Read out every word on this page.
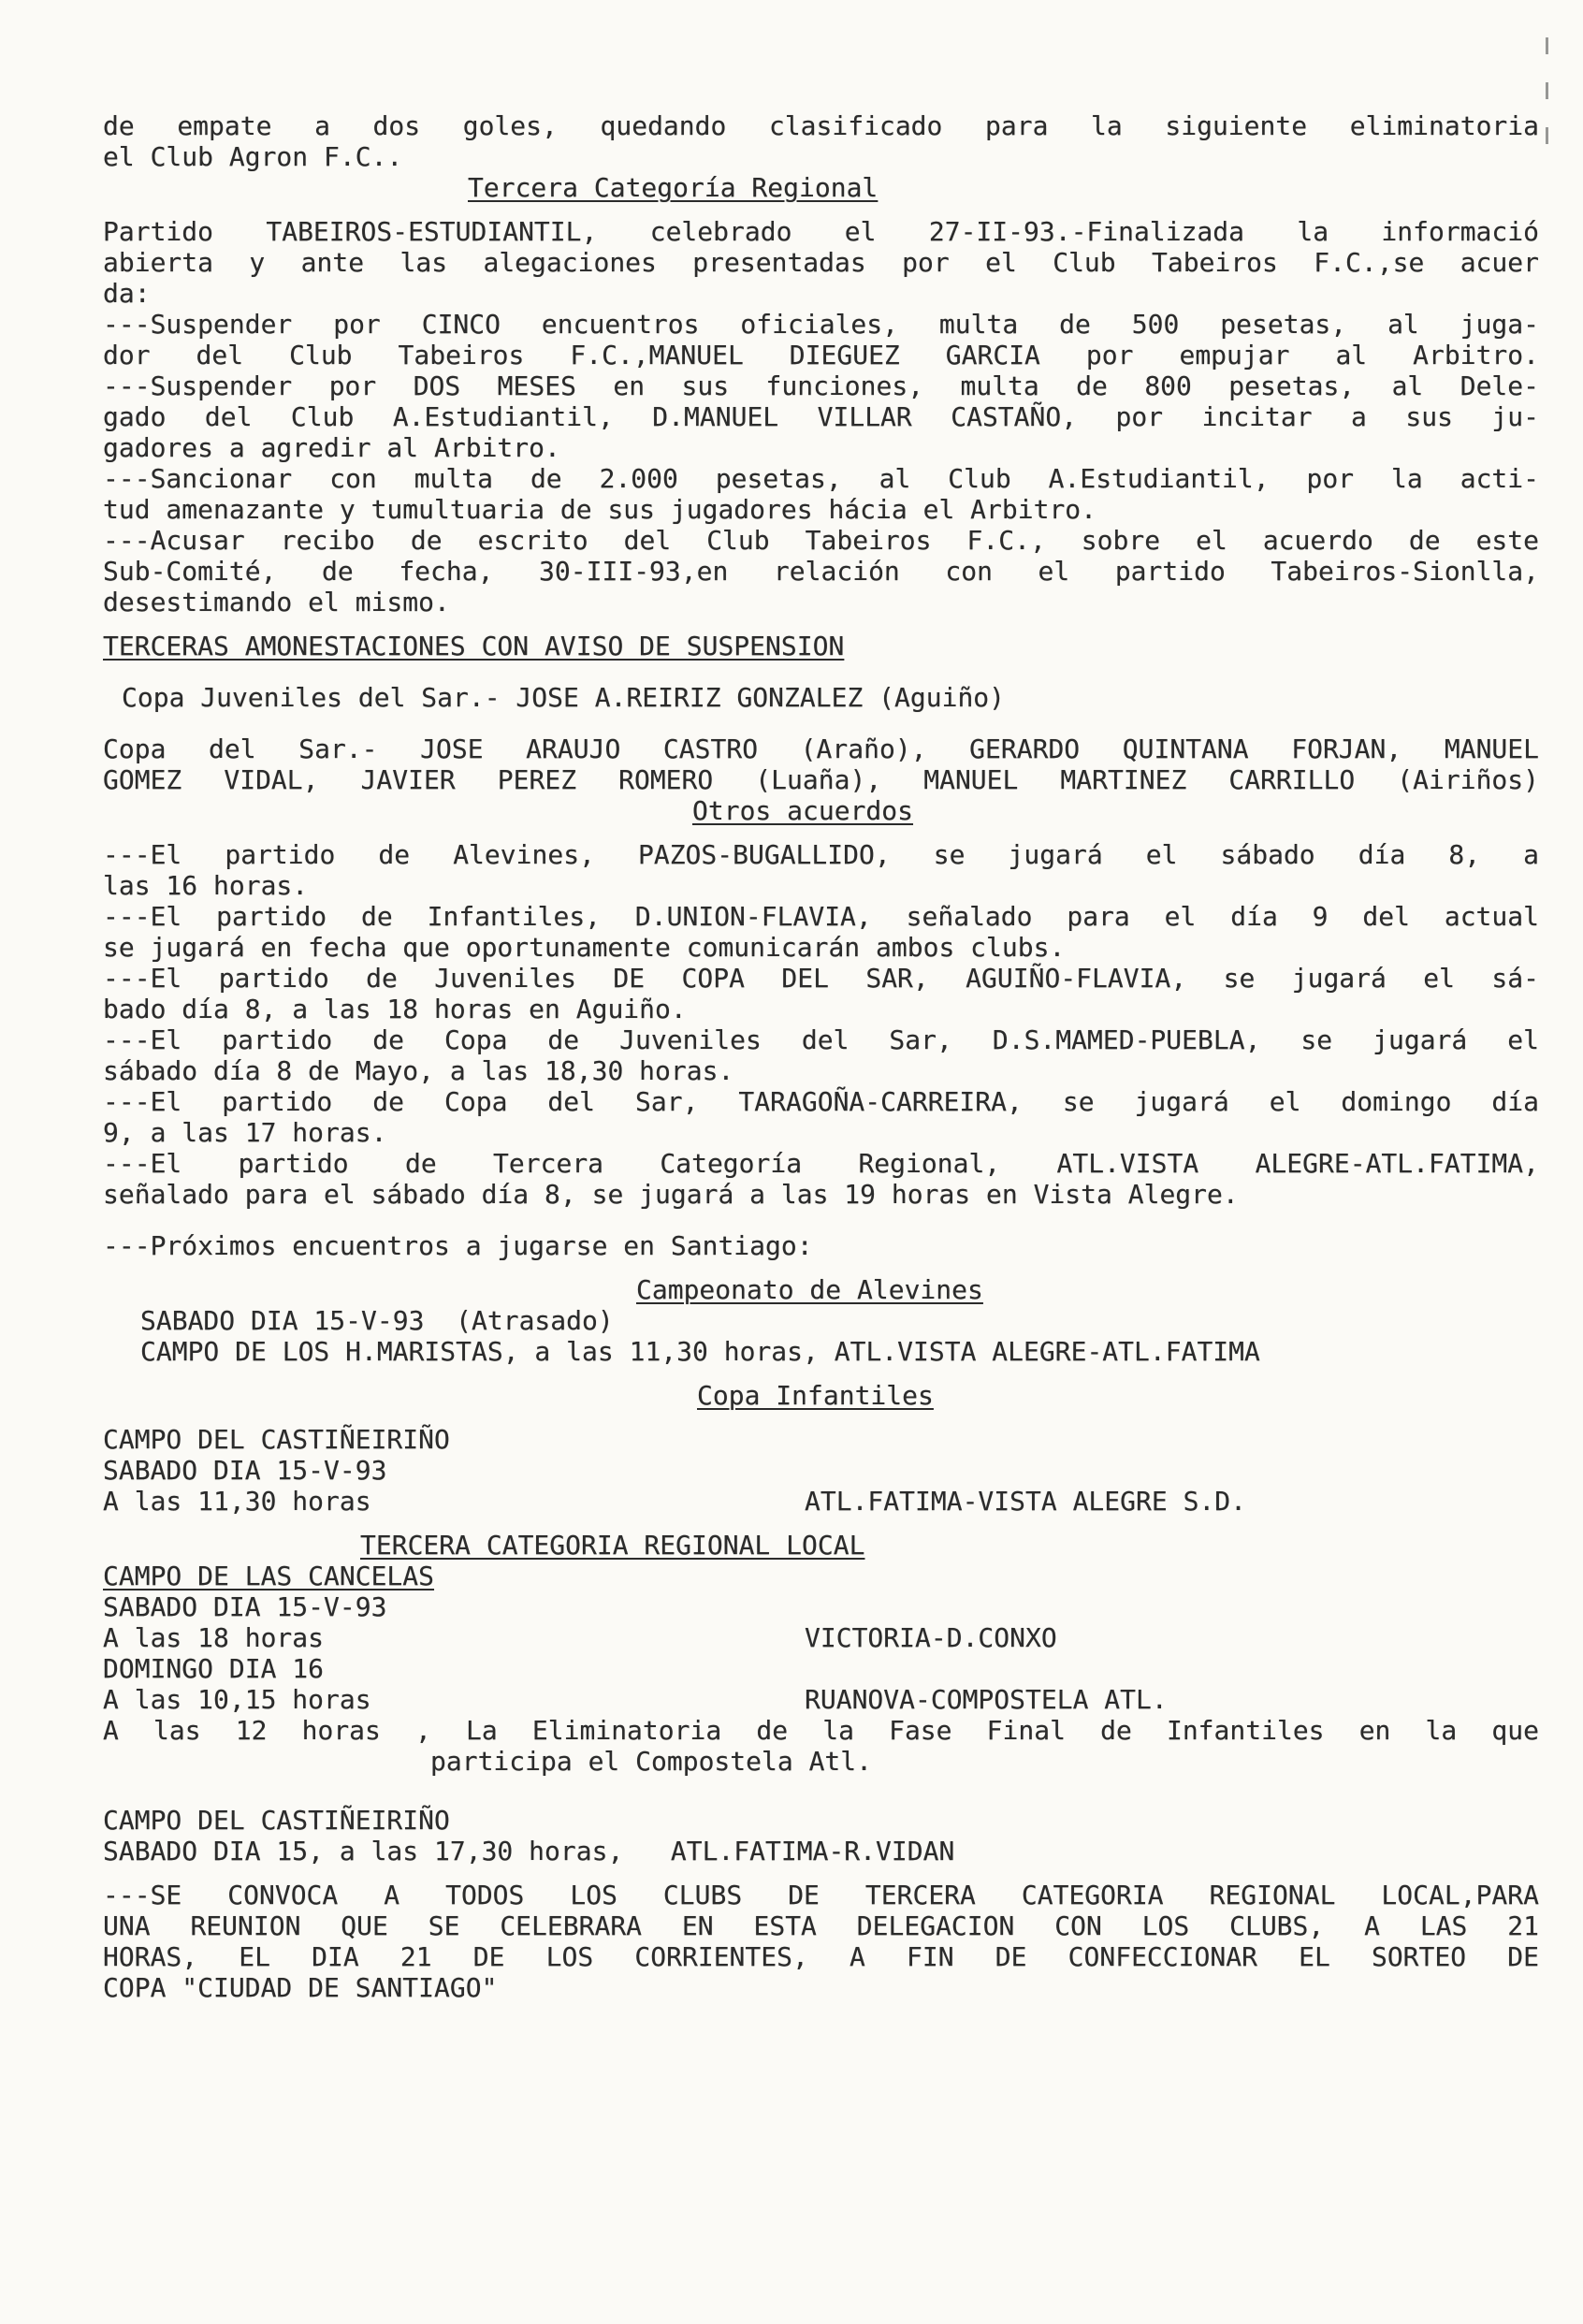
de empate a dos goles, quedando clasificado para la siguiente eliminatoria
el Club Agron F.C..
Tercera Categoría Regional
Partido TABEIROS-ESTUDIANTIL, celebrado el 27-II-93.-Finalizada la informació
abierta y ante las alegaciones presentadas por el Club Tabeiros F.C.,se acuer
da:
---Suspender por CINCO encuentros oficiales, multa de 500 pesetas, al juga-
dor del Club Tabeiros F.C.,MANUEL DIEGUEZ GARCIA por empujar al Arbitro.
---Suspender por DOS MESES en sus funciones, multa de 800 pesetas, al Dele-
gado del Club A.Estudiantil, D.MANUEL VILLAR CASTAÑO, por incitar a sus ju-
gadores a agredir al Arbitro.
---Sancionar con multa de 2.000 pesetas, al Club A.Estudiantil, por la acti-
tud amenazante y tumultuaria de sus jugadores hácia el Arbitro.
---Acusar recibo de escrito del Club Tabeiros F.C., sobre el acuerdo de este
Sub-Comité, de fecha, 30-III-93,en relación con el partido Tabeiros-Sionlla,
desestimando el mismo.
TERCERAS AMONESTACIONES CON AVISO DE SUSPENSION
Copa Juveniles del Sar.- JOSE A.REIRIZ GONZALEZ (Aguiño)
Copa del Sar.- JOSE ARAUJO CASTRO (Araño), GERARDO QUINTANA FORJAN, MANUEL
GOMEZ VIDAL, JAVIER PEREZ ROMERO (Luaña), MANUEL MARTINEZ CARRILLO (Airiños)
Otros acuerdos
---El partido de Alevines, PAZOS-BUGALLIDO, se jugará el sábado día 8, a
las 16 horas.
---El partido de Infantiles, D.UNION-FLAVIA, señalado para el día 9 del actual
se jugará en fecha que oportunamente comunicarán ambos clubs.
---El partido de Juveniles DE COPA DEL SAR, AGUIÑO-FLAVIA, se jugará el sá-
bado día 8, a las 18 horas en Aguiño.
---El partido de Copa de Juveniles del Sar, D.S.MAMED-PUEBLA, se jugará el
sábado día 8 de Mayo, a las 18,30 horas.
---El partido de Copa del Sar, TARAGOÑA-CARREIRA, se jugará el domingo día
9, a las 17 horas.
---El partido de Tercera Categoría Regional, ATL.VISTA ALEGRE-ATL.FATIMA,
señalado para el sábado día 8, se jugará a las 19 horas en Vista Alegre.
---Próximos encuentros a jugarse en Santiago:
Campeonato de Alevines
SABADO DIA 15-V-93  (Atrasado)
CAMPO DE LOS H.MARISTAS, a las 11,30 horas, ATL.VISTA ALEGRE-ATL.FATIMA
Copa Infantiles
CAMPO DEL CASTIÑEIRIÑO
SABADO DIA 15-V-93
A las 11,30 horas	ATL.FATIMA-VISTA ALEGRE S.D.
TERCERA CATEGORIA REGIONAL LOCAL
CAMPO DE LAS CANCELAS
SABADO DIA 15-V-93
A las 18 horas	VICTORIA-D.CONXO
DOMINGO DIA 16
A las 10,15 horas	RUANOVA-COMPOSTELA ATL.
A las 12 horas , La Eliminatoria de la Fase Final de Infantiles en la que
participa el Compostela Atl.
CAMPO DEL CASTIÑEIRIÑO
SABADO DIA 15, a las 17,30 horas,   ATL.FATIMA-R.VIDAN
---SE CONVOCA A TODOS LOS CLUBS DE TERCERA CATEGORIA REGIONAL LOCAL,PARA
UNA REUNION QUE SE CELEBRARA EN ESTA DELEGACION CON LOS CLUBS, A LAS 21
HORAS, EL DIA 21 DE LOS CORRIENTES, A FIN DE CONFECCIONAR EL SORTEO DE
COPA "CIUDAD DE SANTIAGO"
